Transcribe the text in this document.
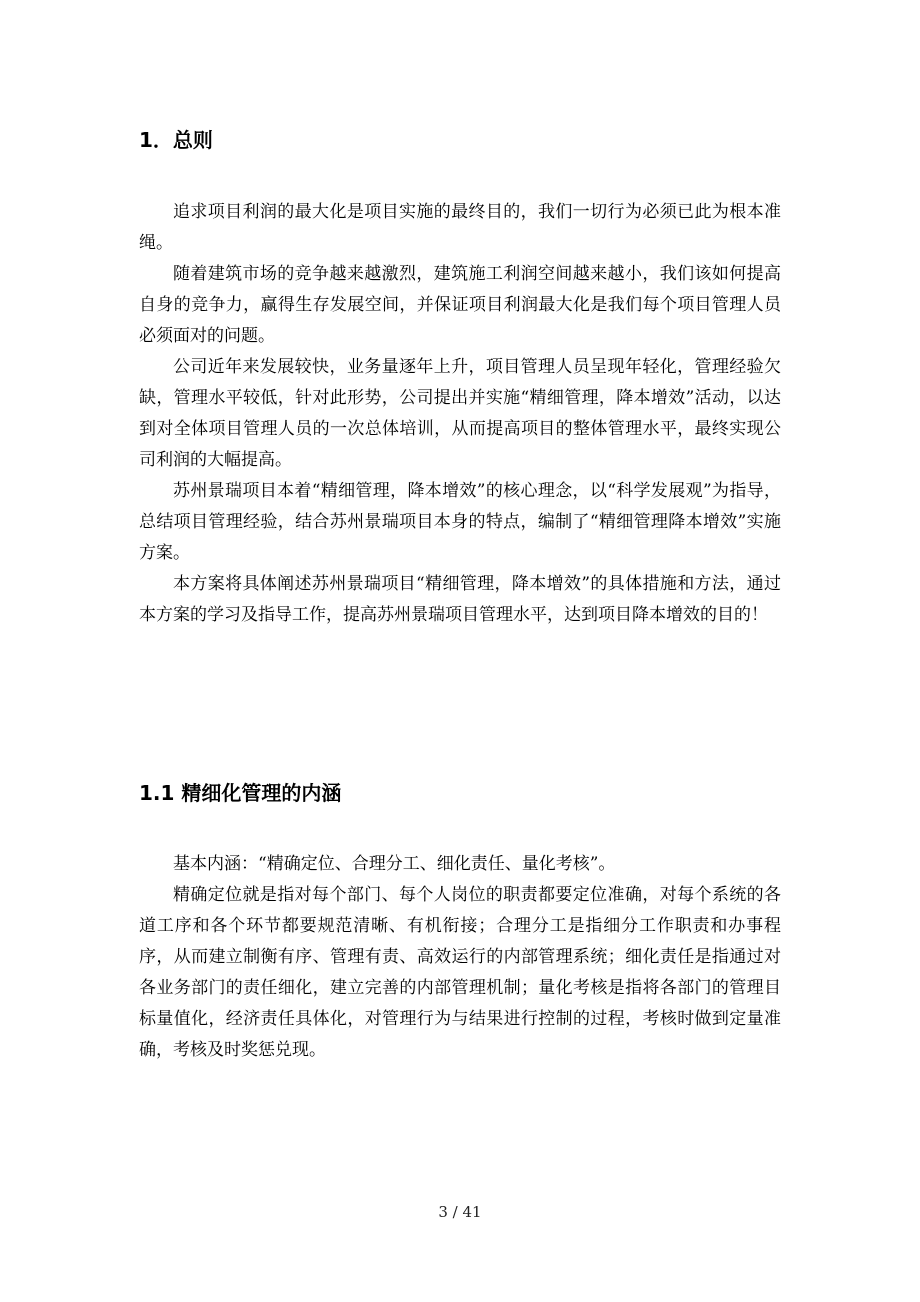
1．总则

追求项目利润的最大化是项目实施的最终目的，我们一切行为必须已此为根本准绳。

随着建筑市场的竞争越来越激烈，建筑施工利润空间越来越小，我们该如何提高自身的竞争力，赢得生存发展空间，并保证项目利润最大化是我们每个项目管理人员必须面对的问题。

公司近年来发展较快，业务量逐年上升，项目管理人员呈现年轻化，管理经验欠缺，管理水平较低，针对此形势，公司提出并实施“精细管理，降本增效”活动，以达到对全体项目管理人员的一次总体培训，从而提高项目的整体管理水平，最终实现公司利润的大幅提高。

苏州景瑞项目本着“精细管理，降本增效”的核心理念，以“科学发展观”为指导，总结项目管理经验，结合苏州景瑞项目本身的特点，编制了“精细管理降本增效”实施方案。

本方案将具体阐述苏州景瑞项目“精细管理，降本增效”的具体措施和方法，通过本方案的学习及指导工作，提高苏州景瑞项目管理水平，达到项目降本增效的目的！

1.1 精细化管理的内涵

基本内涵：“精确定位、合理分工、细化责任、量化考核”。

精确定位就是指对每个部门、每个人岗位的职责都要定位准确，对每个系统的各道工序和各个环节都要规范清晰、有机衔接；合理分工是指细分工作职责和办事程序，从而建立制衡有序、管理有责、高效运行的内部管理系统；细化责任是指通过对各业务部门的责任细化，建立完善的内部管理机制；量化考核是指将各部门的管理目标量值化，经济责任具体化，对管理行为与结果进行控制的过程，考核时做到定量准确，考核及时奖惩兑现。

3 / 41
